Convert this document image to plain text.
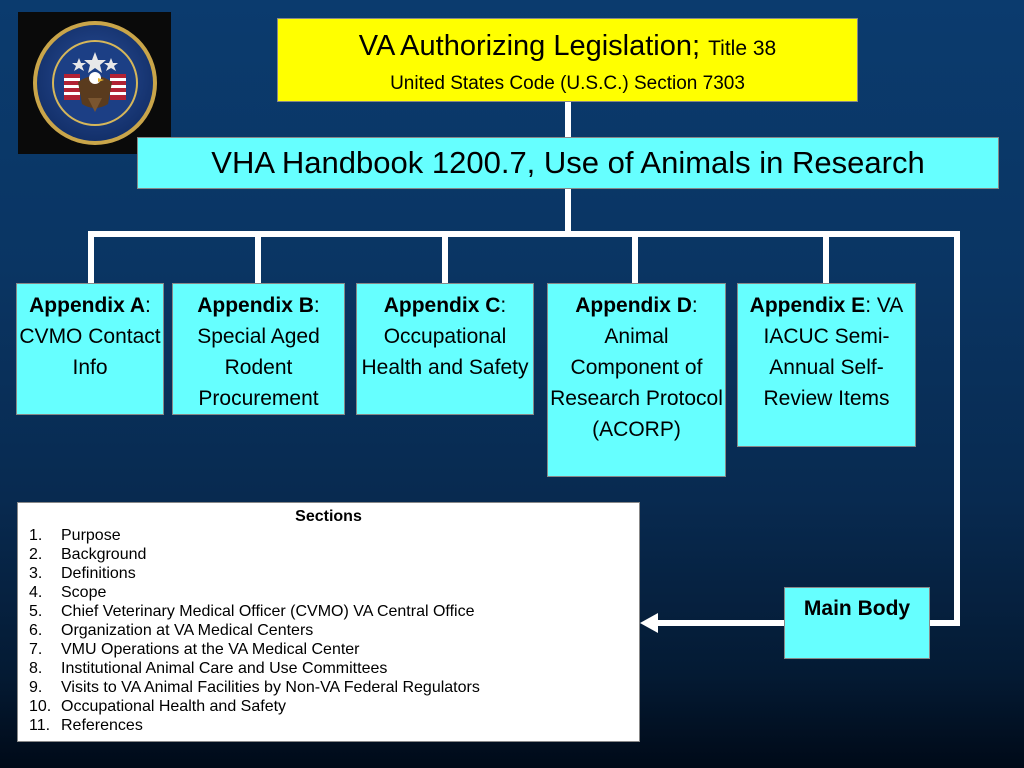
VA Authorizing Legislation; Title 38
United States Code (U.S.C.) Section 7303
VHA Handbook 1200.7, Use of Animals in Research
Appendix A: CVMO Contact Info
Appendix B: Special Aged Rodent Procurement
Appendix C: Occupational Health and Safety
Appendix D: Animal Component of Research Protocol (ACORP)
Appendix E: VA IACUC Semi-Annual Self-Review Items
Main Body
Sections
1.	Purpose
2.	Background
3.	Definitions
4.	Scope
5.	Chief Veterinary Medical Officer (CVMO) VA Central Office
6.	Organization at VA Medical Centers
7.	VMU Operations at the VA Medical Center
8.	Institutional Animal Care and Use Committees
9.	Visits to VA Animal Facilities by Non-VA Federal Regulators
10. Occupational Health and Safety
11. References
